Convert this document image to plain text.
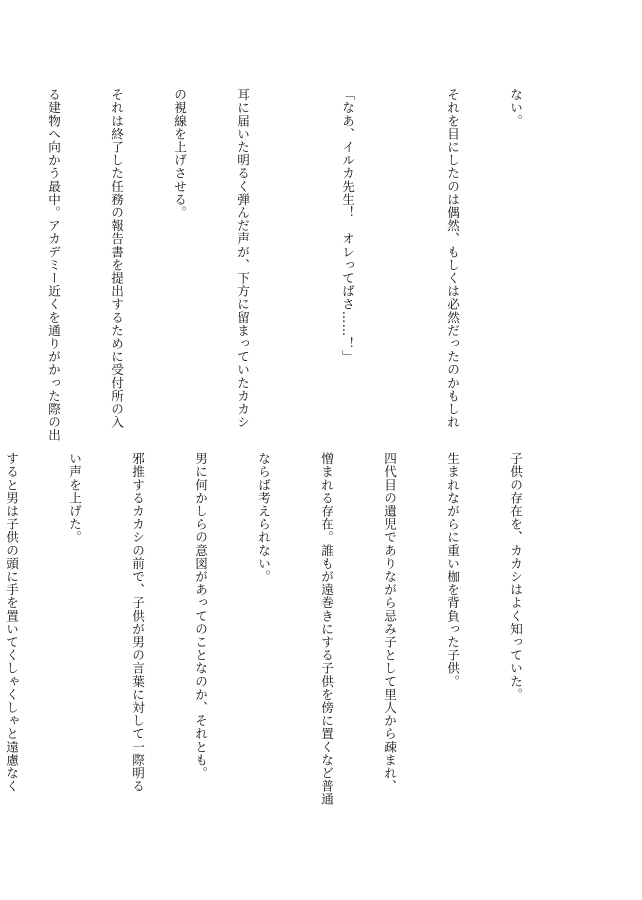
ない。

それを目にしたのは偶然、もしくは必然だったのかもしれ

「なあ、イルカ先生！　オレってばさ……！」

耳に届いた明るく弾んだ声が、下方に留まっていたカカシ

の視線を上げさせる。

それは終了した任務の報告書を提出するために受付所の入

る建物へ向かう最中。アカデミー近くを通りがかった際の出

子供の存在を、カカシはよく知っていた。

生まれながらに重い枷を背負った子供。

四代目の遺児でありながら忌み子として里人から疎まれ、

憎まれる存在。誰もが遠巻きにする子供を傍に置くなど普通

ならば考えられない。

男に何かしらの意図があってのことなのか、それとも。

邪推するカカシの前で、子供が男の言葉に対して一際明る

い声を上げた。

すると男は子供の頭に手を置いてくしゃくしゃと遠慮なく
